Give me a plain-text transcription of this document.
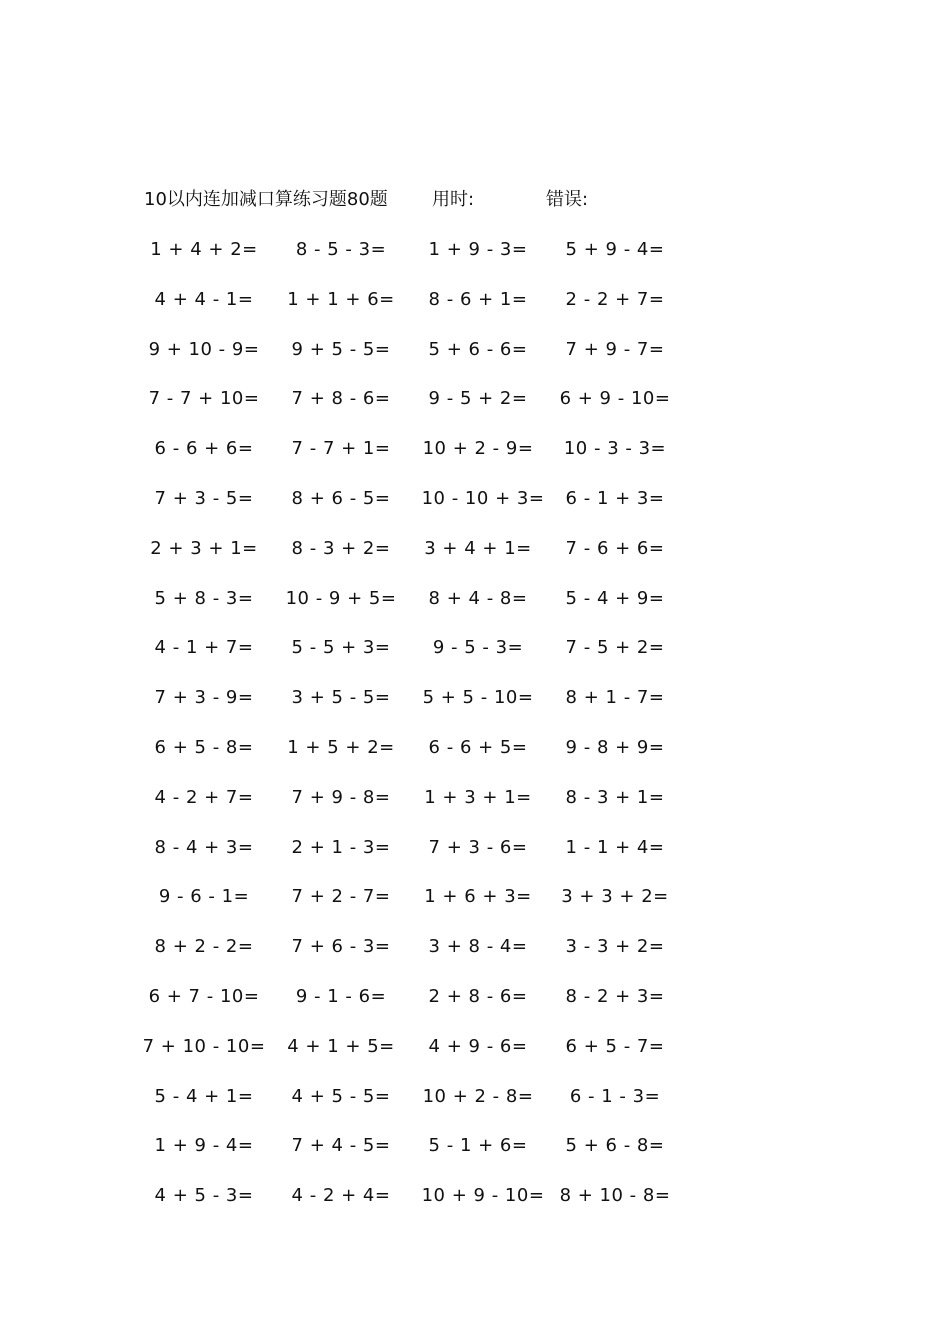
10以内连加减口算练习题80题 用时:	错误:
1 + 4 + 2= 8 - 5 - 3= 1 + 9 - 3= 5 + 9 - 4=
4 + 4 - 1= 1 + 1 + 6= 8 - 6 + 1= 2 - 2 + 7=
9 + 10 - 9= 9 + 5 - 5= 5 + 6 - 6= 7 + 9 - 7=
7 - 7 + 10= 7 + 8 - 6= 9 - 5 + 2= 6 + 9 - 10=
6 - 6 + 6= 7 - 7 + 1= 10 + 2 - 9= 10 - 3 - 3=
7 + 3 - 5= 8 + 6 - 5= 10 - 10 + 3= 6 - 1 + 3=
2 + 3 + 1= 8 - 3 + 2= 3 + 4 + 1= 7 - 6 + 6=
5 + 8 - 3= 10 - 9 + 5= 8 + 4 - 8= 5 - 4 + 9=
4 - 1 + 7= 5 - 5 + 3= 9 - 5 - 3= 7 - 5 + 2=
7 + 3 - 9= 3 + 5 - 5= 5 + 5 - 10= 8 + 1 - 7=
6 + 5 - 8= 1 + 5 + 2= 6 - 6 + 5= 9 - 8 + 9=
4 - 2 + 7= 7 + 9 - 8= 1 + 3 + 1= 8 - 3 + 1=
8 - 4 + 3= 2 + 1 - 3= 7 + 3 - 6= 1 - 1 + 4=
9 - 6 - 1= 7 + 2 - 7= 1 + 6 + 3= 3 + 3 + 2=
8 + 2 - 2= 7 + 6 - 3= 3 + 8 - 4= 3 - 3 + 2=
6 + 7 - 10= 9 - 1 - 6= 2 + 8 - 6= 8 - 2 + 3=
7 + 10 - 10= 4 + 1 + 5= 4 + 9 - 6= 6 + 5 - 7=
5 - 4 + 1= 4 + 5 - 5= 10 + 2 - 8= 6 - 1 - 3=
1 + 9 - 4= 7 + 4 - 5= 5 - 1 + 6= 5 + 6 - 8=
4 + 5 - 3= 4 - 2 + 4= 10 + 9 - 10= 8 + 10 - 8=
